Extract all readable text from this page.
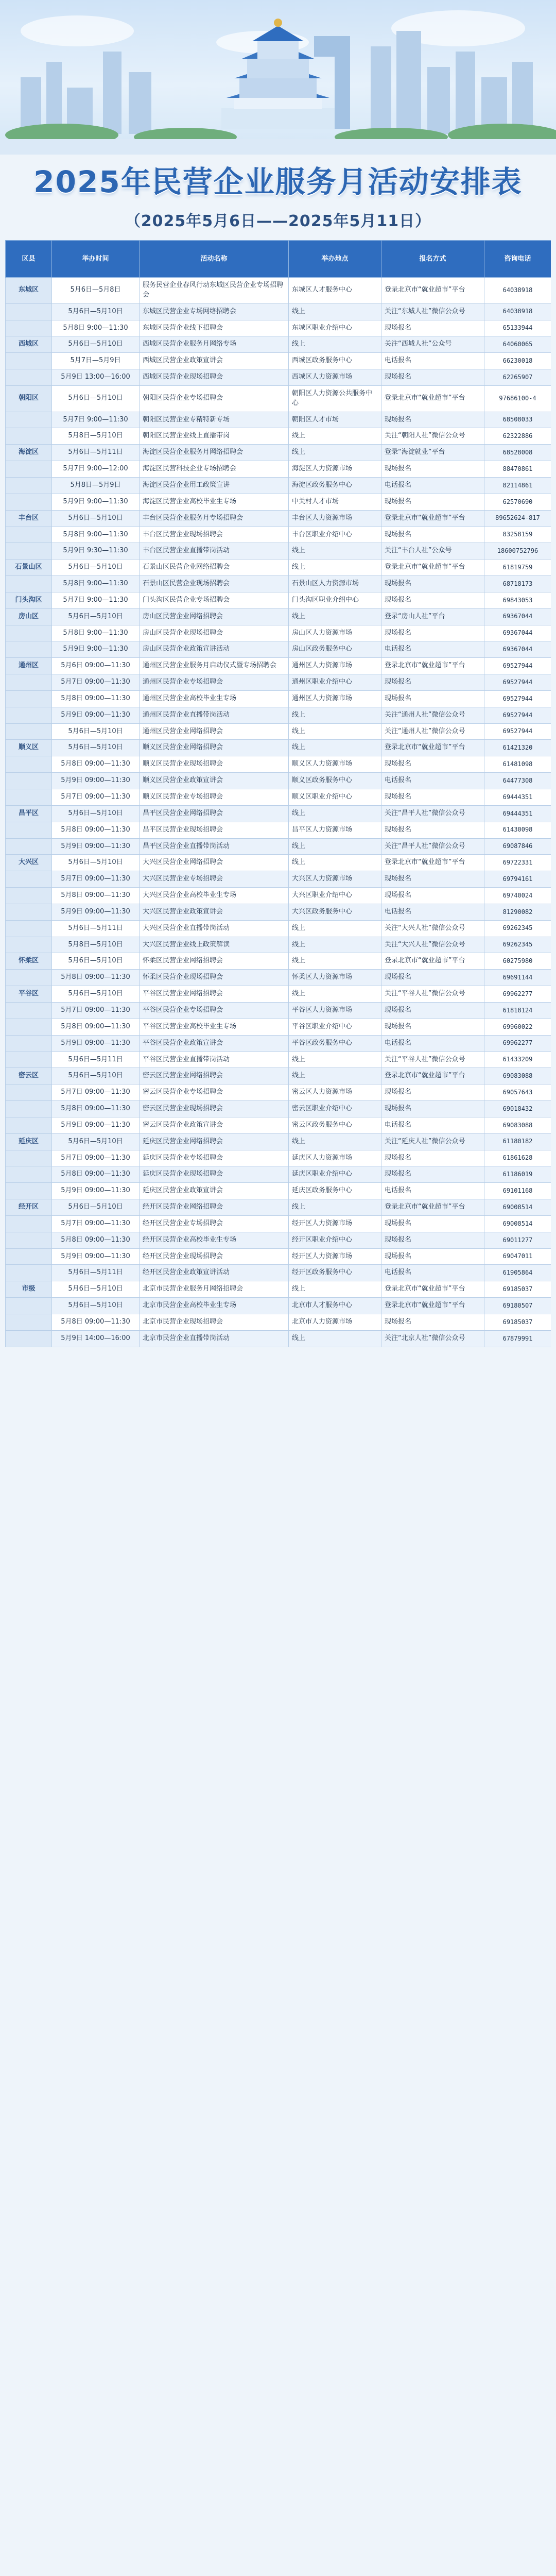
2025年民营企业服务月活动安排表
（2025年5月6日——2025年5月11日）
区县	举办时间	活动名称	举办地点	报名方式	咨询电话
东城区	5月6日—5月8日	服务民营企业春风行动东城区民营企业专场招聘会	东城区人才服务中心	登录北京市“就业超市”平台	64038918
	5月6日—5月10日	东城区民营企业专场网络招聘会	线上	关注“东城人社”微信公众号	64038918
	5月8日 9:00—11:30	东城区民营企业线下招聘会	东城区职业介绍中心	现场报名	65133944
西城区	5月6日—5月10日	西城区民营企业服务月网络专场	线上	关注“西城人社”公众号	64060065
	5月7日—5月9日	西城区民营企业政策宣讲会	西城区政务服务中心	电话报名	66230018
	5月9日 13:00—16:00	西城区民营企业现场招聘会	西城区人力资源市场	现场报名	62265907
朝阳区	5月6日—5月10日	朝阳区民营企业专场招聘会	朝阳区人力资源公共服务中心	登录北京市“就业超市”平台	97686100-4
	5月7日 9:00—11:30	朝阳区民营企业专精特新专场	朝阳区人才市场	现场报名	68508033
	5月8日—5月10日	朝阳区民营企业线上直播带岗	线上	关注“朝阳人社”微信公众号	62322886
海淀区	5月6日—5月11日	海淀区民营企业服务月网络招聘会	线上	登录“海淀就业”平台	68528008
	5月7日 9:00—12:00	海淀区民营科技企业专场招聘会	海淀区人力资源市场	现场报名	88470861
	5月8日—5月9日	海淀区民营企业用工政策宣讲	海淀区政务服务中心	电话报名	82114861
	5月9日 9:00—11:30	海淀区民营企业高校毕业生专场	中关村人才市场	现场报名	62570690
丰台区	5月6日—5月10日	丰台区民营企业服务月专场招聘会	丰台区人力资源市场	登录北京市“就业超市”平台	89652624-817
	5月8日 9:00—11:30	丰台区民营企业现场招聘会	丰台区职业介绍中心	现场报名	83258159
	5月9日 9:30—11:30	丰台区民营企业直播带岗活动	线上	关注“丰台人社”公众号	18600752796
石景山区	5月6日—5月10日	石景山区民营企业网络招聘会	线上	登录北京市“就业超市”平台	61819759
	5月8日 9:00—11:30	石景山区民营企业现场招聘会	石景山区人力资源市场	现场报名	68718173
门头沟区	5月7日 9:00—11:30	门头沟区民营企业专场招聘会	门头沟区职业介绍中心	现场报名	69843053
房山区	5月6日—5月10日	房山区民营企业网络招聘会	线上	登录“房山人社”平台	69367044
	5月8日 9:00—11:30	房山区民营企业现场招聘会	房山区人力资源市场	现场报名	69367044
	5月9日 9:00—11:30	房山区民营企业政策宣讲活动	房山区政务服务中心	电话报名	69367044
通州区	5月6日 09:00—11:30	通州区民营企业服务月启动仪式暨专场招聘会	通州区人力资源市场	登录北京市“就业超市”平台	69527944
	5月7日 09:00—11:30	通州区民营企业专场招聘会	通州区职业介绍中心	现场报名	69527944
	5月8日 09:00—11:30	通州区民营企业高校毕业生专场	通州区人力资源市场	现场报名	69527944
	5月9日 09:00—11:30	通州区民营企业直播带岗活动	线上	关注“通州人社”微信公众号	69527944
	5月6日—5月10日	通州区民营企业网络招聘会	线上	关注“通州人社”微信公众号	69527944
顺义区	5月6日—5月10日	顺义区民营企业网络招聘会	线上	登录北京市“就业超市”平台	61421320
	5月8日 09:00—11:30	顺义区民营企业现场招聘会	顺义区人力资源市场	现场报名	61481098
	5月9日 09:00—11:30	顺义区民营企业政策宣讲会	顺义区政务服务中心	电话报名	64477308
	5月7日 09:00—11:30	顺义区民营企业专场招聘会	顺义区职业介绍中心	现场报名	69444351
昌平区	5月6日—5月10日	昌平区民营企业网络招聘会	线上	关注“昌平人社”微信公众号	69444351
	5月8日 09:00—11:30	昌平区民营企业现场招聘会	昌平区人力资源市场	现场报名	61430098
	5月9日 09:00—11:30	昌平区民营企业直播带岗活动	线上	关注“昌平人社”微信公众号	69087846
大兴区	5月6日—5月10日	大兴区民营企业网络招聘会	线上	登录北京市“就业超市”平台	69722331
	5月7日 09:00—11:30	大兴区民营企业专场招聘会	大兴区人力资源市场	现场报名	69794161
	5月8日 09:00—11:30	大兴区民营企业高校毕业生专场	大兴区职业介绍中心	现场报名	69740024
	5月9日 09:00—11:30	大兴区民营企业政策宣讲会	大兴区政务服务中心	电话报名	81290082
	5月6日—5月11日	大兴区民营企业直播带岗活动	线上	关注“大兴人社”微信公众号	69262345
	5月8日—5月10日	大兴区民营企业线上政策解读	线上	关注“大兴人社”微信公众号	69262345
怀柔区	5月6日—5月10日	怀柔区民营企业网络招聘会	线上	登录北京市“就业超市”平台	60275980
	5月8日 09:00—11:30	怀柔区民营企业现场招聘会	怀柔区人力资源市场	现场报名	69691144
平谷区	5月6日—5月10日	平谷区民营企业网络招聘会	线上	关注“平谷人社”微信公众号	69962277
	5月7日 09:00—11:30	平谷区民营企业专场招聘会	平谷区人力资源市场	现场报名	61818124
	5月8日 09:00—11:30	平谷区民营企业高校毕业生专场	平谷区职业介绍中心	现场报名	69960022
	5月9日 09:00—11:30	平谷区民营企业政策宣讲会	平谷区政务服务中心	电话报名	69962277
	5月6日—5月11日	平谷区民营企业直播带岗活动	线上	关注“平谷人社”微信公众号	61433209
密云区	5月6日—5月10日	密云区民营企业网络招聘会	线上	登录北京市“就业超市”平台	69083088
	5月7日 09:00—11:30	密云区民营企业专场招聘会	密云区人力资源市场	现场报名	69057643
	5月8日 09:00—11:30	密云区民营企业现场招聘会	密云区职业介绍中心	现场报名	69018432
	5月9日 09:00—11:30	密云区民营企业政策宣讲会	密云区政务服务中心	电话报名	69083088
延庆区	5月6日—5月10日	延庆区民营企业网络招聘会	线上	关注“延庆人社”微信公众号	61180182
	5月7日 09:00—11:30	延庆区民营企业专场招聘会	延庆区人力资源市场	现场报名	61861628
	5月8日 09:00—11:30	延庆区民营企业现场招聘会	延庆区职业介绍中心	现场报名	61186019
	5月9日 09:00—11:30	延庆区民营企业政策宣讲会	延庆区政务服务中心	电话报名	69101168
经开区	5月6日—5月10日	经开区民营企业网络招聘会	线上	登录北京市“就业超市”平台	69008514
	5月7日 09:00—11:30	经开区民营企业专场招聘会	经开区人力资源市场	现场报名	69008514
	5月8日 09:00—11:30	经开区民营企业高校毕业生专场	经开区职业介绍中心	现场报名	69011277
	5月9日 09:00—11:30	经开区民营企业现场招聘会	经开区人力资源市场	现场报名	69047011
	5月6日—5月11日	经开区民营企业政策宣讲活动	经开区政务服务中心	电话报名	61905864
市级	5月6日—5月10日	北京市民营企业服务月网络招聘会	线上	登录北京市“就业超市”平台	69185037
	5月6日—5月10日	北京市民营企业高校毕业生专场	北京市人才服务中心	登录北京市“就业超市”平台	69180507
	5月8日 09:00—11:30	北京市民营企业现场招聘会	北京市人力资源市场	现场报名	69185037
	5月9日 14:00—16:00	北京市民营企业直播带岗活动	线上	关注“北京人社”微信公众号	67879991
